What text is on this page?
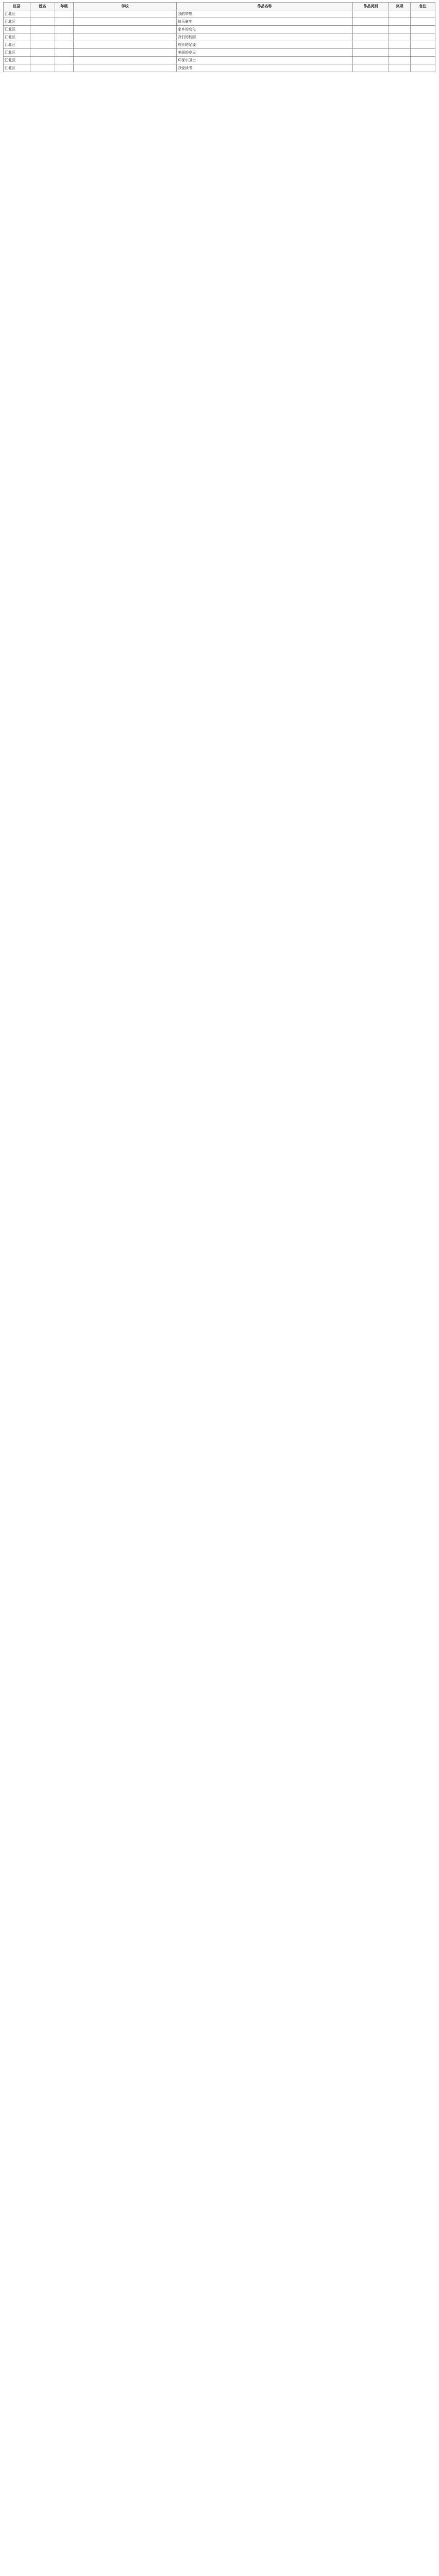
区县	姓名	年级	学校	作品名称	作品类别	奖项	备注
江北区				我的梦想			
江北区				快乐童年			
江北区				家乡的变化			
江北区				我们的校园			
江北区				成长的足迹			
江北区				美丽的春天			
江北区				环保小卫士			
江北区				我爱读书			
